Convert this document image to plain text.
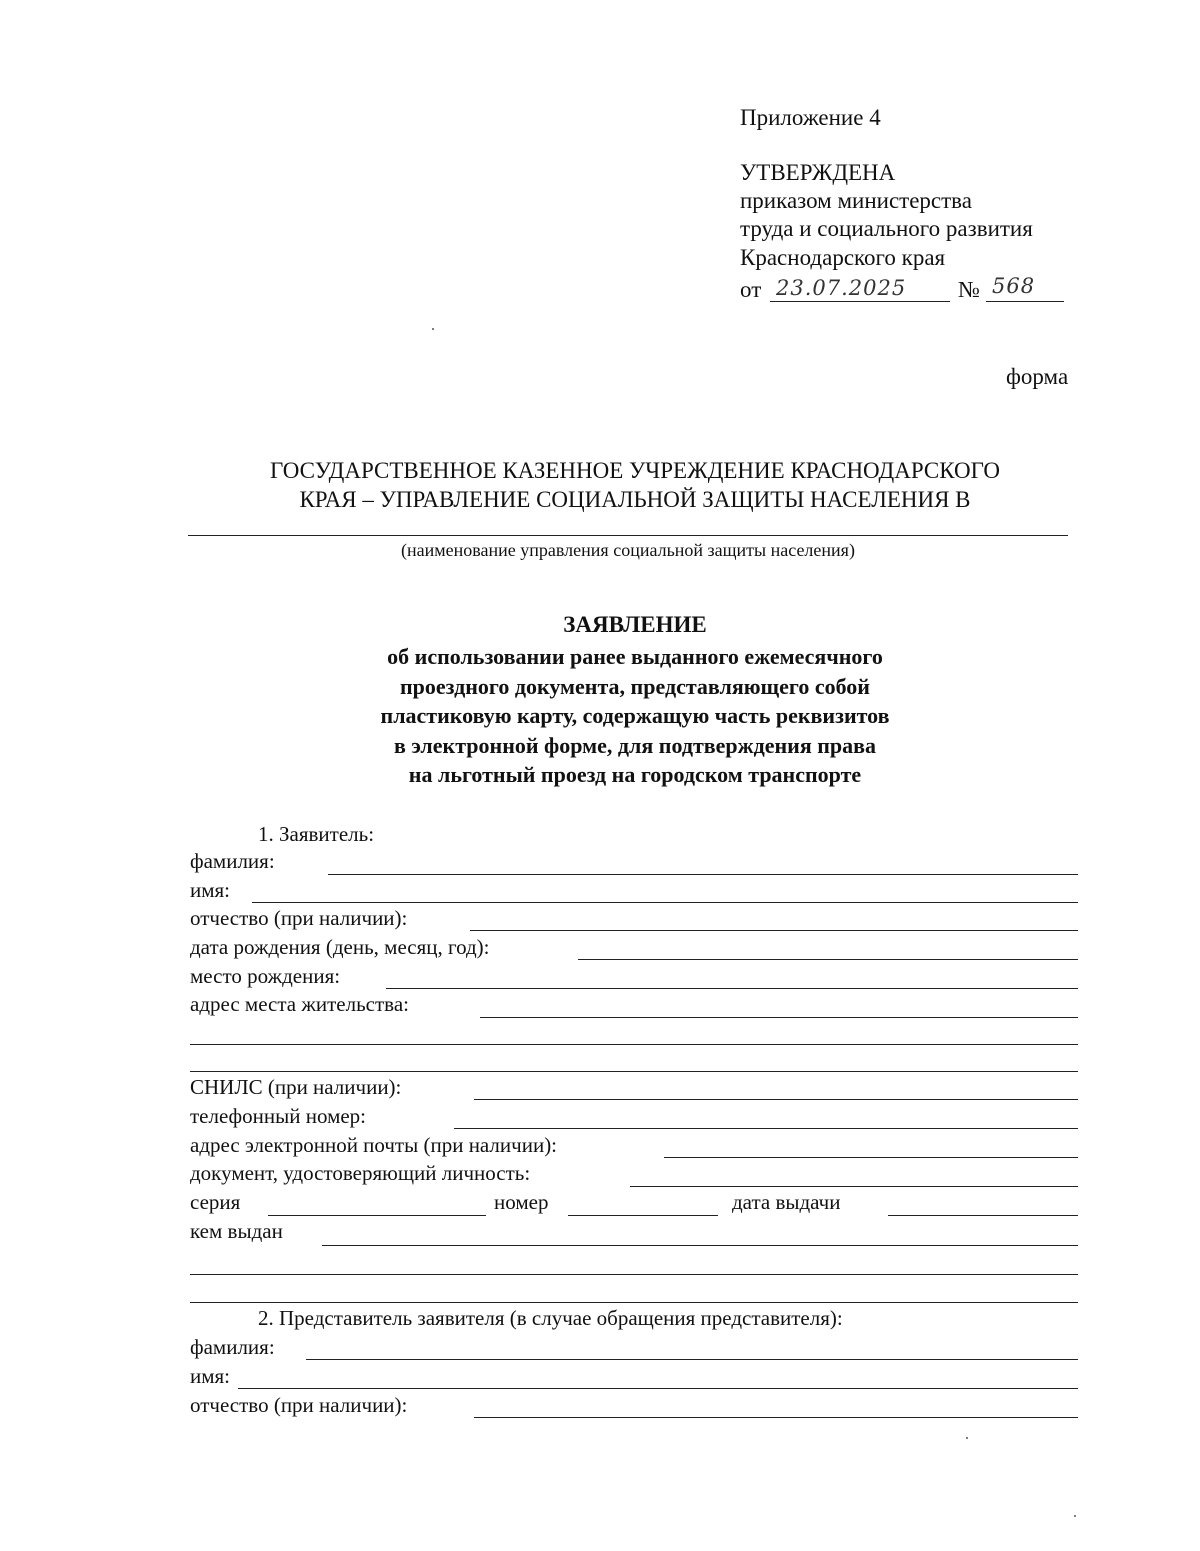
Приложение 4
УТВЕРЖДЕНА
приказом министерства
труда и социального развития
Краснодарского края
от 23.07.2025 № 568
форма
ГОСУДАРСТВЕННОЕ КАЗЕННОЕ УЧРЕЖДЕНИЕ КРАСНОДАРСКОГО
КРАЯ – УПРАВЛЕНИЕ СОЦИАЛЬНОЙ ЗАЩИТЫ НАСЕЛЕНИЯ В
(наименование управления социальной защиты населения)
ЗАЯВЛЕНИЕ
об использовании ранее выданного ежемесячного
проездного документа, представляющего собой
пластиковую карту, содержащую часть реквизитов
в электронной форме, для подтверждения права
на льготный проезд на городском транспорте
1. Заявитель:
фамилия:
имя:
отчество (при наличии):
дата рождения (день, месяц, год):
место рождения:
адрес места жительства:
СНИЛС (при наличии):
телефонный номер:
адрес электронной почты (при наличии):
документ, удостоверяющий личность:
серия	номер	дата выдачи
кем выдан
2. Представитель заявителя (в случае обращения представителя):
фамилия:
имя:
отчество (при наличии):
